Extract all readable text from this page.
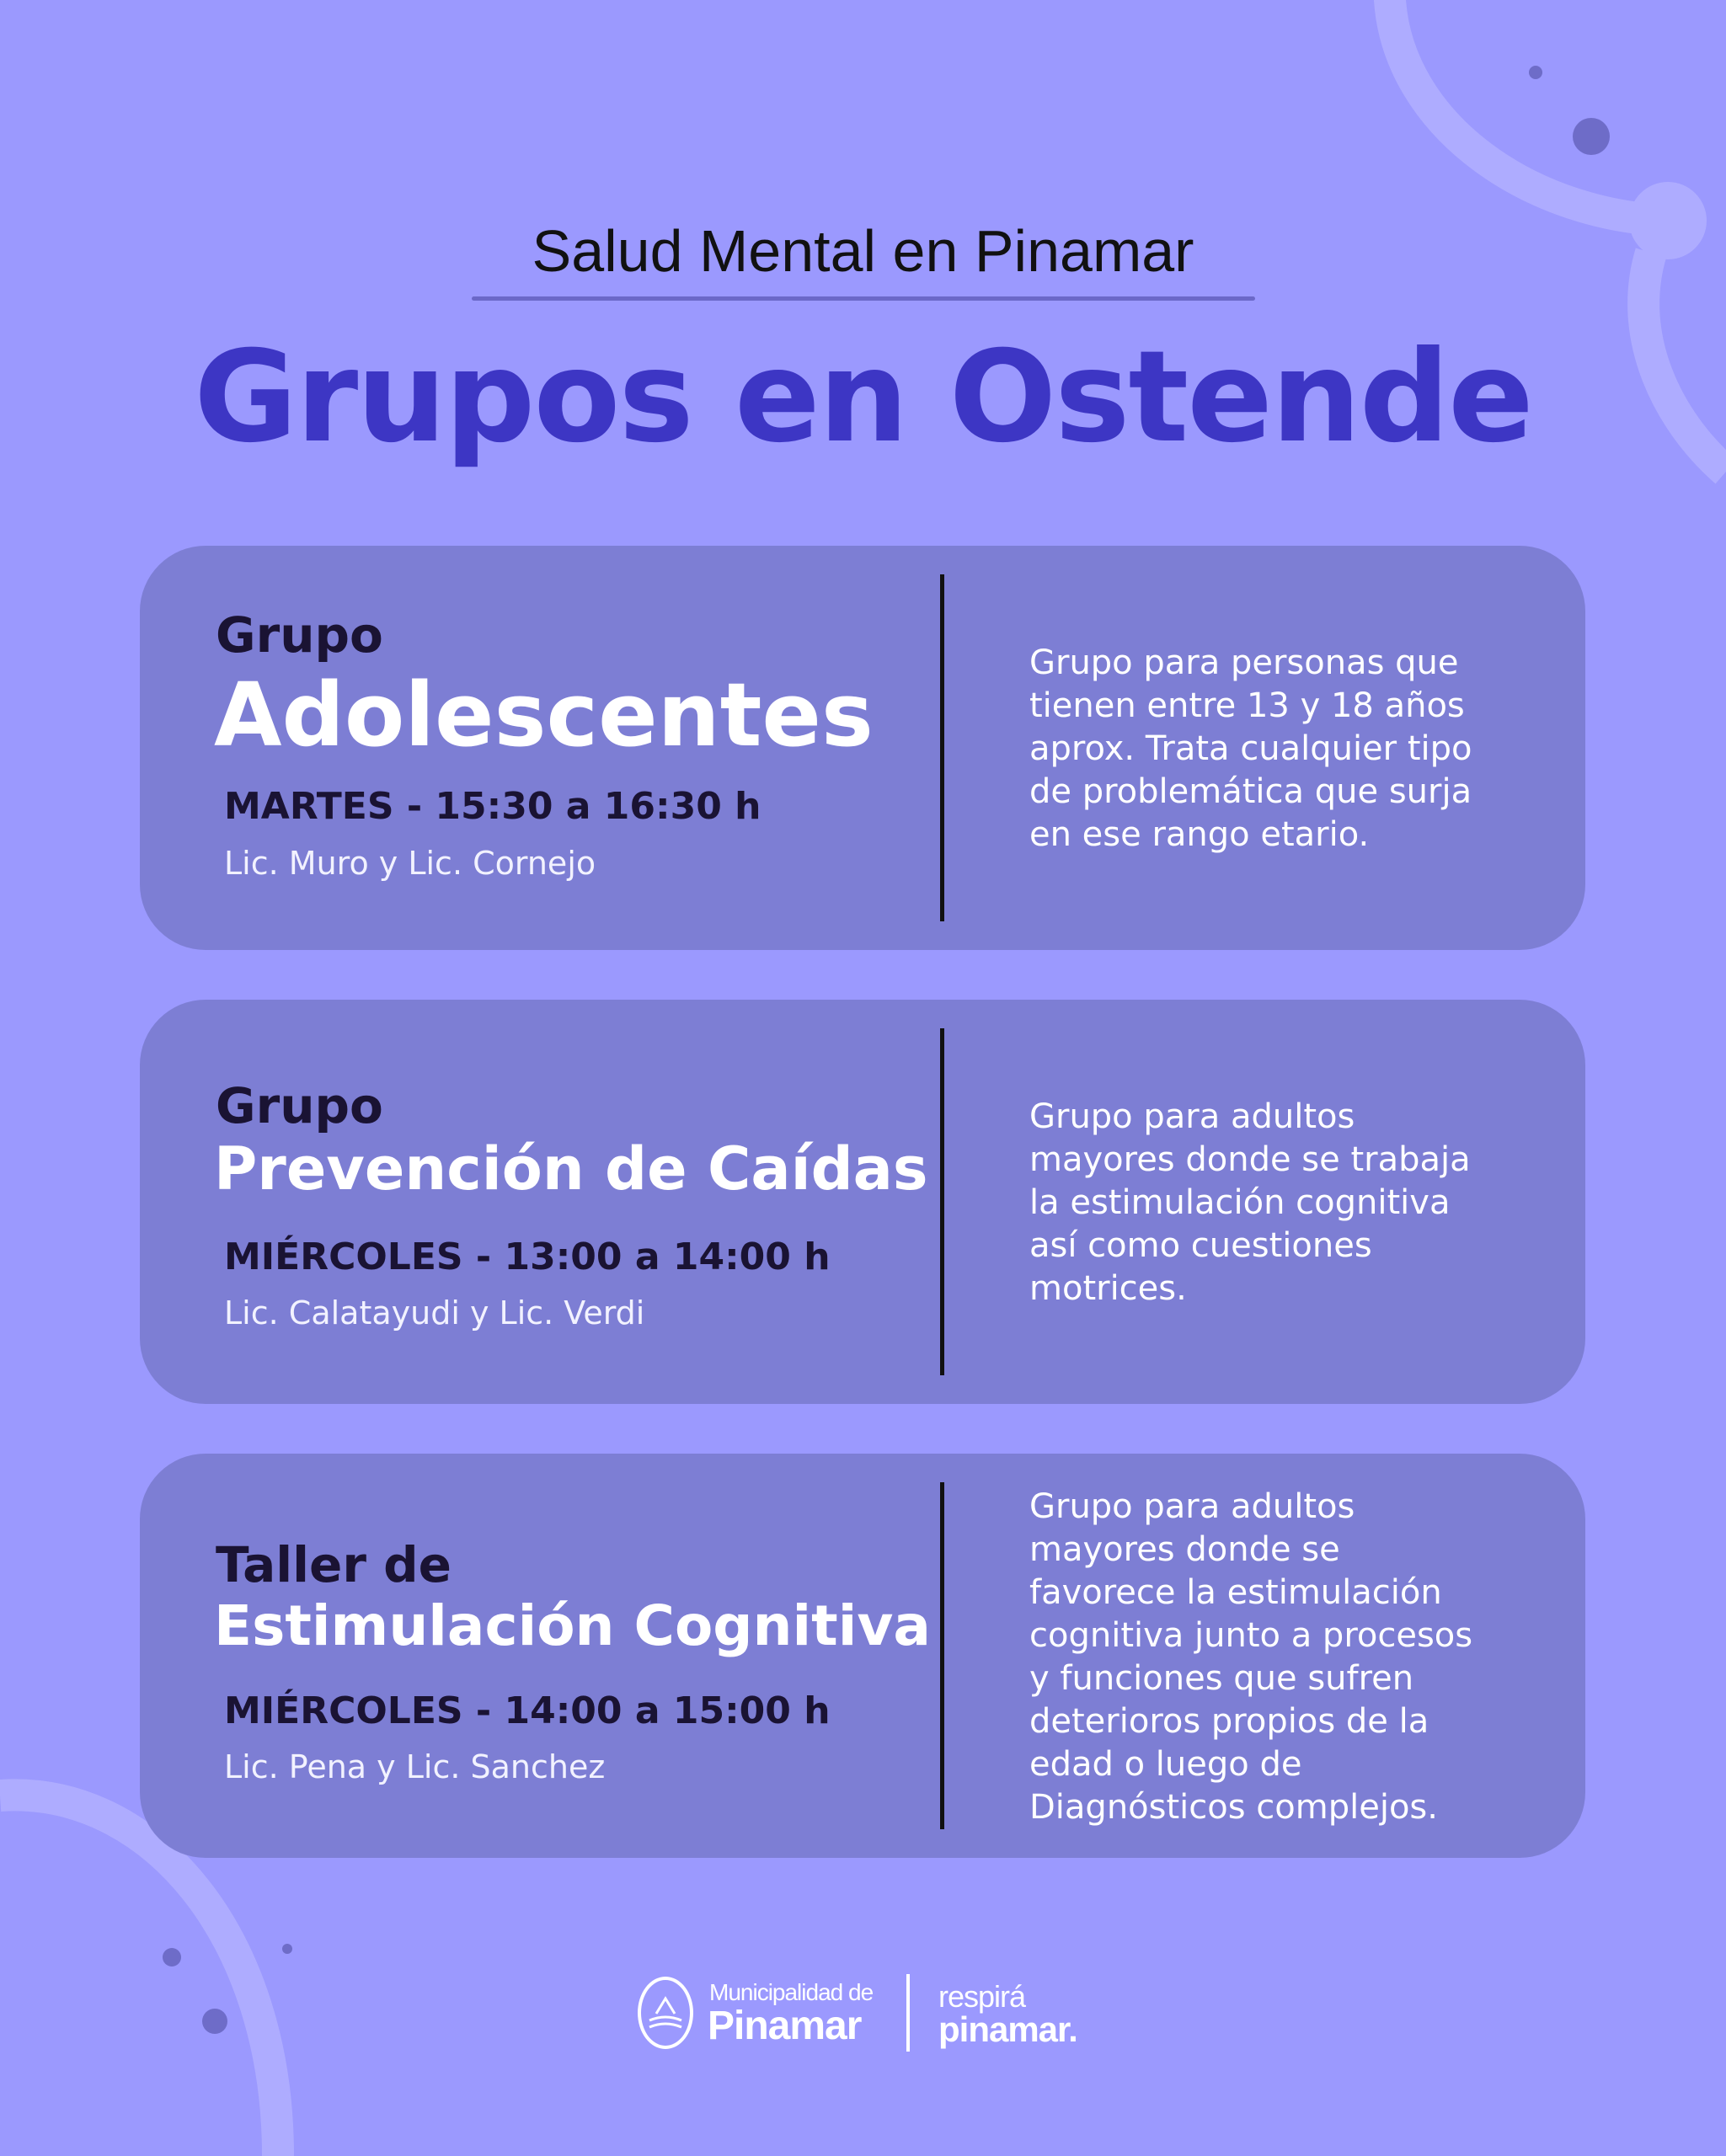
Salud Mental en Pinamar
Grupos en Ostende
Grupo
Adolescentes
MARTES - 15:30 a 16:30 h
Lic. Muro y Lic. Cornejo
Grupo para personas que
tienen entre 13 y 18 años
aprox. Trata cualquier tipo
de problemática que surja
en ese rango etario.
Grupo
Prevención de Caídas
MIÉRCOLES - 13:00 a 14:00 h
Lic. Calatayudi y Lic. Verdi
Grupo para adultos
mayores donde se trabaja
la estimulación cognitiva
así como cuestiones
motrices.
Taller de
Estimulación Cognitiva
MIÉRCOLES - 14:00 a 15:00 h
Lic. Pena y Lic. Sanchez
Grupo para adultos
mayores donde se
favorece la estimulación
cognitiva junto a procesos
y funciones que sufren
deterioros propios de la
edad o luego de
Diagnósticos complejos.
Municipalidad de
Pinamar
respirá
pinamar.
